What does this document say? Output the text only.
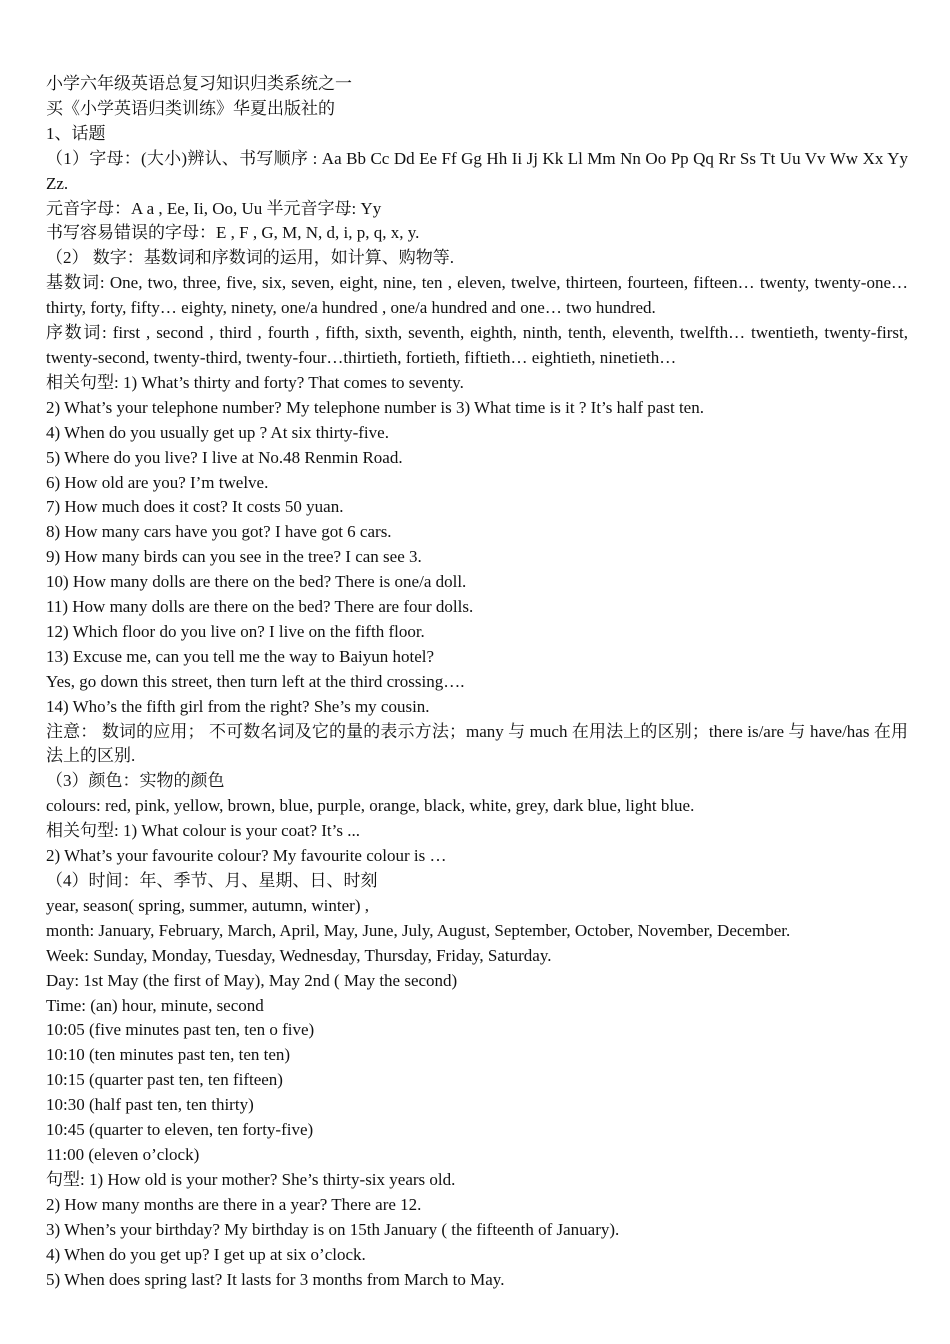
小学六年级英语总复习知识归类系统之一

买《小学英语归类训练》华夏出版社的

1、话题

（1）字母：(大小)辨认、书写顺序 : Aa Bb Cc Dd Ee Ff Gg Hh Ii Jj Kk Ll Mm Nn Oo Pp Qq Rr Ss Tt Uu Vv Ww Xx Yy Zz.

元音字母：A a , Ee, Ii, Oo, Uu 半元音字母: Yy

书写容易错误的字母：E , F , G, M, N, d, i, p, q, x, y.

（2） 数字：基数词和序数词的运用，如计算、购物等.

基数词: One, two, three, five, six, seven, eight, nine, ten , eleven, twelve, thirteen, fourteen, fifteen… twenty, twenty-one… thirty, forty, fifty… eighty, ninety, one/a hundred , one/a hundred and one… two hundred.

序数词: first , second , third , fourth , fifth, sixth, seventh, eighth, ninth, tenth, eleventh, twelfth… twentieth, twenty-first, twenty-second, twenty-third, twenty-four…thirtieth, fortieth, fiftieth… eightieth, ninetieth…

相关句型: 1) What’s thirty and forty? That comes to seventy.

2) What’s your telephone number? My telephone number is 3) What time is it ? It’s half past ten.

4) When do you usually get up ? At six thirty-five.

5) Where do you live? I live at No.48 Renmin Road.

6) How old are you? I’m twelve.

7) How much does it cost? It costs 50 yuan.

8) How many cars have you got? I have got 6 cars.

9) How many birds can you see in the tree? I can see 3.

10) How many dolls are there on the bed? There is one/a doll.

11) How many dolls are there on the bed? There are four dolls.

12) Which floor do you live on? I live on the fifth floor.

13) Excuse me, can you tell me the way to Baiyun hotel?

Yes, go down this street, then turn left at the third crossing….

14) Who’s the fifth girl from the right? She’s my cousin.

注意： 数词的应用； 不可数名词及它的量的表示方法；many 与 much 在用法上的区别；there is/are 与 have/has 在用法上的区别.

（3）颜色：实物的颜色

colours: red, pink, yellow, brown, blue, purple, orange, black, white, grey, dark blue, light blue.

相关句型: 1) What colour is your coat? It’s ...

2) What’s your favourite colour? My favourite colour is …

（4）时间：年、季节、月、星期、日、时刻

year, season( spring, summer, autumn, winter) ,

month: January, February, March, April, May, June, July, August, September, October, November, December.

Week: Sunday, Monday, Tuesday, Wednesday, Thursday, Friday, Saturday.

Day: 1st May (the first of May), May 2nd ( May the second)

Time: (an) hour, minute, second

10:05 (five minutes past ten, ten o five)

10:10 (ten minutes past ten, ten ten)

10:15 (quarter past ten, ten fifteen)

10:30 (half past ten, ten thirty)

10:45 (quarter to eleven, ten forty-five)

11:00 (eleven o’clock)

句型: 1) How old is your mother? She’s thirty-six years old.

2) How many months are there in a year? There are 12.

3) When’s your birthday? My birthday is on 15th January ( the fifteenth of January).

4) When do you get up? I get up at six o’clock.

5) When does spring last? It lasts for 3 months from March to May.
